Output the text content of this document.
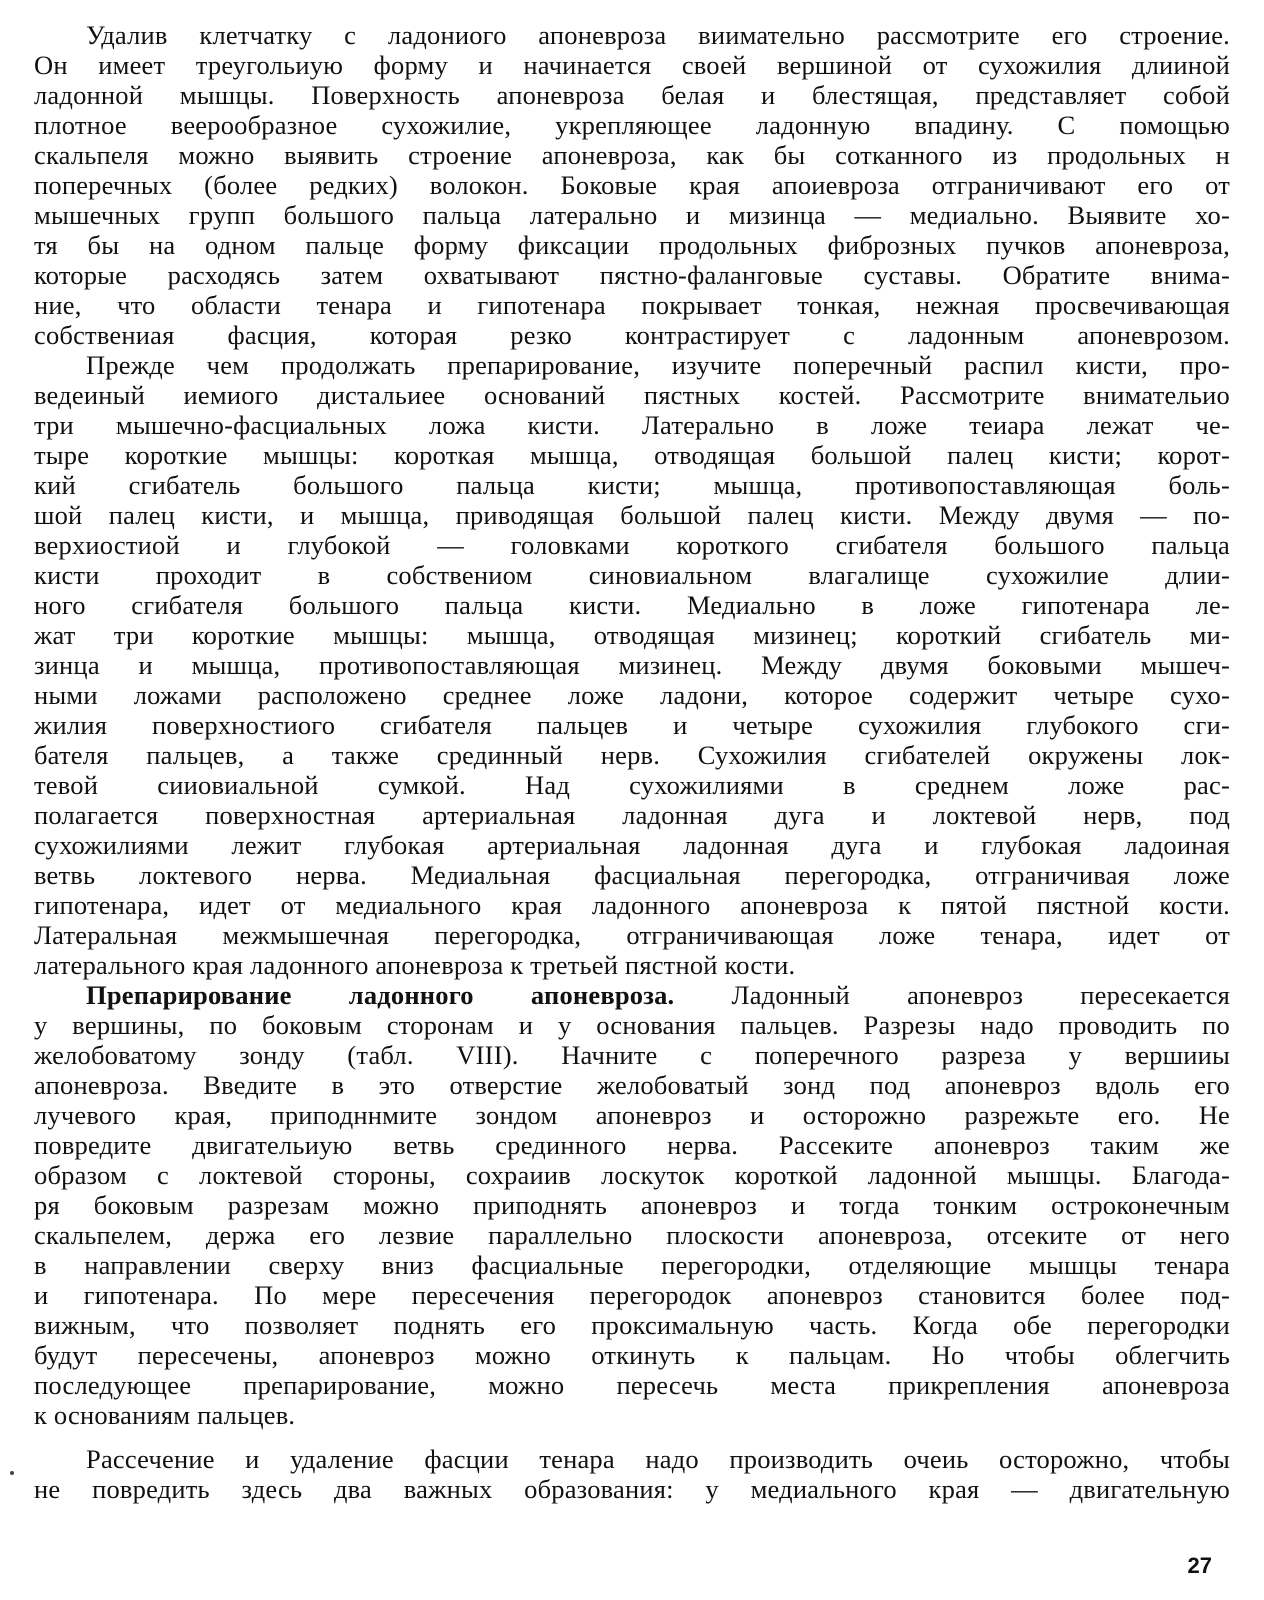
Удалив клетчатку с ладониого апоневроза виимательно рассмотрите его строение.
Он имеет треугольиую форму и начинается своей вершиной от сухожилия длииной
ладонной мышцы. Поверхность апоневроза белая и блестящая, представляет собой
плотное веерообразное сухожилие, укрепляющее ладонную впадину. С помощью
скальпеля можно выявить строение апоневроза, как бы сотканного из продольных н
поперечных (более редких) волокон. Боковые края апоиевроза отграничивают его от
мышечных групп большого пальца латерально и мизинца — медиально. Выявите хо-
тя бы на одном пальце форму фиксации продольных фиброзных пучков апоневроза,
которые расходясь затем охватывают пястно-фаланговые суставы. Обратите внима-
ние, что области тенара и гипотенара покрывает тонкая, нежная просвечивающая
собствениая фасция, которая резко контрастирует с ладонным апоневрозом.

Прежде чем продолжать препарирование, изучите поперечный распил кисти, про-
ведеиный иемиого дистальиее оснований пястных костей. Рассмотрите внимательио
три мышечно-фасциальных ложа кисти. Латерально в ложе теиара лежат че-
тыре короткие мышцы: короткая мышца, отводящая большой палец кисти; корот-
кий сгибатель большого пальца кисти; мышца, противопоставляющая боль-
шой палец кисти, и мышца, приводящая большой палец кисти. Между двумя — по-
верхиостиой и глубокой — головками короткого сгибателя большого пальца
кисти проходит в собствениом синовиальном влагалище сухожилие длии-
ного сгибателя большого пальца кисти. Медиально в ложе гипотенара ле-
жат три короткие мышцы: мышца, отводящая мизинец; короткий сгибатель ми-
зинца и мышца, противопоставляющая мизинец. Между двумя боковыми мышеч-
ными ложами расположено среднее ложе ладони, которое содержит четыре сухо-
жилия поверхностиого сгибателя пальцев и четыре сухожилия глубокого сги-
бателя пальцев, а также срединный нерв. Сухожилия сгибателей окружены лок-
тевой сииовиальной сумкой. Над сухожилиями в среднем ложе рас-
полагается поверхностная артериальная ладонная дуга и локтевой нерв, под
сухожилиями лежит глубокая артериальная ладонная дуга и глубокая ладоиная
ветвь локтевого нерва. Медиальная фасциальная перегородка, отграничивая ложе
гипотенара, идет от медиального края ладонного апоневроза к пятой пястной кости.
Латеральная межмышечная перегородка, отграничивающая ложе тенара, идет от
латерального края ладонного апоневроза к третьей пястной кости.

Препарирование ладонного апоневроза. Ладонный апоневроз пересекается
у вершины, по боковым сторонам и у основания пальцев. Разрезы надо проводить по
желобоватому зонду (табл. VIII). Начните с поперечного разреза у вершииы
апоневроза. Введите в это отверстие желобоватый зонд под апоневроз вдоль его
лучевого края, приподннмите зондом апоневроз и осторожно разрежьте его. Не
повредите двигательиую ветвь срединного нерва. Рассеките апоневроз таким же
образом с локтевой стороны, сохраиив лоскуток короткой ладонной мышцы. Благода-
ря боковым разрезам можно приподнять апоневроз и тогда тонким остроконечным
скальпелем, держа его лезвие параллельно плоскости апоневроза, отсеките от него
в направлении сверху вниз фасциальные перегородки, отделяющие мышцы тенара
и гипотенара. По мере пересечения перегородок апоневроз становится более под-
вижным, что позволяет поднять его проксимальную часть. Когда обе перегородки
будут пересечены, апоневроз можно откинуть к пальцам. Но чтобы облегчить
последующее препарирование, можно пересечь места прикрепления апоневроза
к основаниям пальцев.

Рассечение и удаление фасции тенара надо производить очеиь осторожно, чтобы
не повредить здесь два важных образования: у медиального края — двигательную

27
